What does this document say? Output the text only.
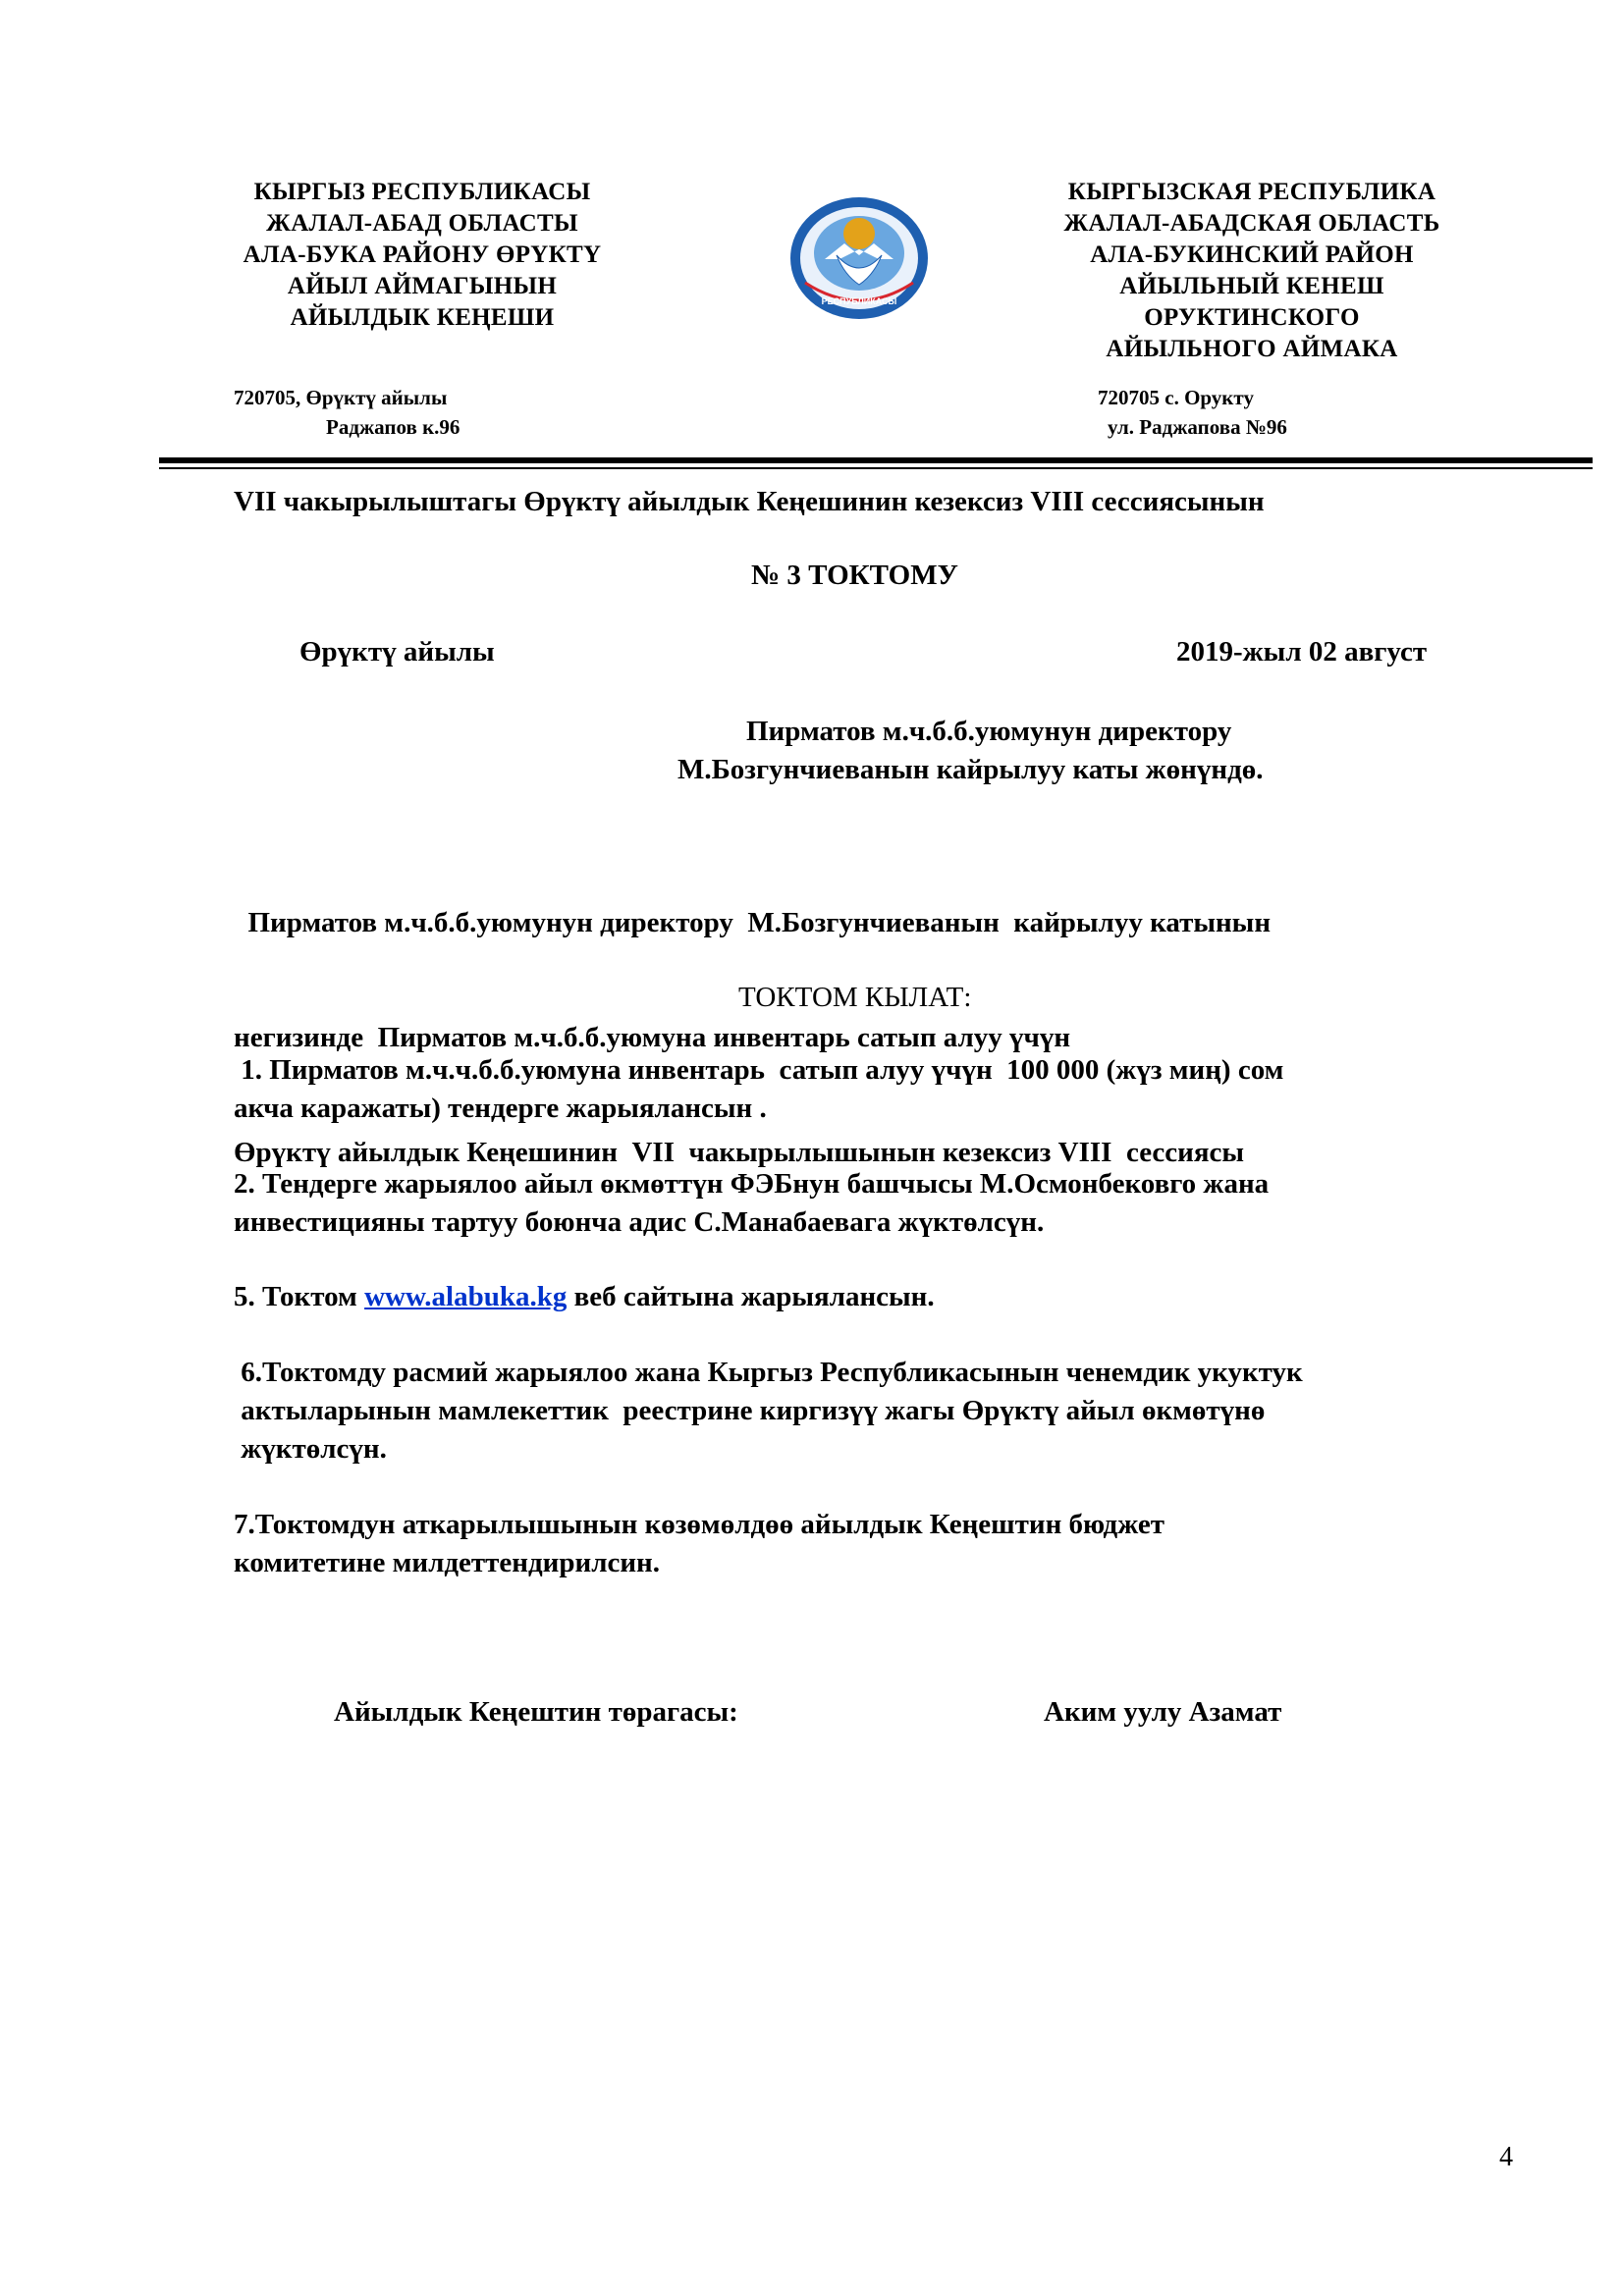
КЫРГЫЗ РЕСПУБЛИКАСЫ
ЖАЛАЛ-АБАД ОБЛАСТЫ
АЛА-БУКА РАЙОНУ ӨРҮКТҮ
АЙЫЛ АЙМАГЫНЫН
АЙЫЛДЫК КЕҢЕШИ
РЕСПУБЛИКАСЫ
КЫРГЫЗСКАЯ РЕСПУБЛИКА
ЖАЛАЛ-АБАДСКАЯ ОБЛАСТЬ
АЛА-БУКИНСКИЙ РАЙОН
АЙЫЛЬНЫЙ КЕНЕШ
ОРУКТИНСКОГО
АЙЫЛЬНОГО АЙМАКА
720705, Өрүктү айылы
Раджапов к.96
720705 с. Орукту
ул. Раджапова №96
VII чакырылыштагы Өрүктү айылдык Кеңешинин кезексиз VIII сессиясынын
№ 3 ТОКТОМУ
Өрүктү айылы	2019-жыл 02 август
Пирматов м.ч.б.б.уюмунун директору
М.Бозгунчиеванын кайрылуу каты жөнүндө.

Пирматов м.ч.б.б.уюмунун директору  М.Бозгунчиеванын  кайрылуу катынын

негизинде  Пирматов м.ч.б.б.уюмуна инвентарь сатып алуу үчүн

Өрүктү айылдык Кеңешинин  VII  чакырылышынын кезексиз VIII  сессиясы

ТОКТОМ КЫЛАТ:
1. Пирматов м.ч.ч.б.б.уюмуна инвентарь  сатып алуу үчүн  100 000 (жүз миң) сом
акча каражаты) тендерге жарыялансын .
2. Тендерге жарыялоо айыл өкмөттүн ФЭБнун башчысы М.Осмонбековго жана
инвестицияны тартуу боюнча адис С.Манабаевага жүктөлсүн.
5. Токтом www.alabuka.kg веб сайтына жарыялансын.
6.Токтомду расмий жарыялоо жана Кыргыз Республикасынын ченемдик укуктук
актыларынын мамлекеттик  реестрине киргизүү жагы Өрүктү айыл өкмөтүнө
жүктөлсүн.
7.Токтомдун аткарылышынын көзөмөлдөө айылдык Кеңештин бюджет
комитетине милдеттендирилсин.
Айылдык Кеңештин төрагасы:	Аким уулу Азамат
4
